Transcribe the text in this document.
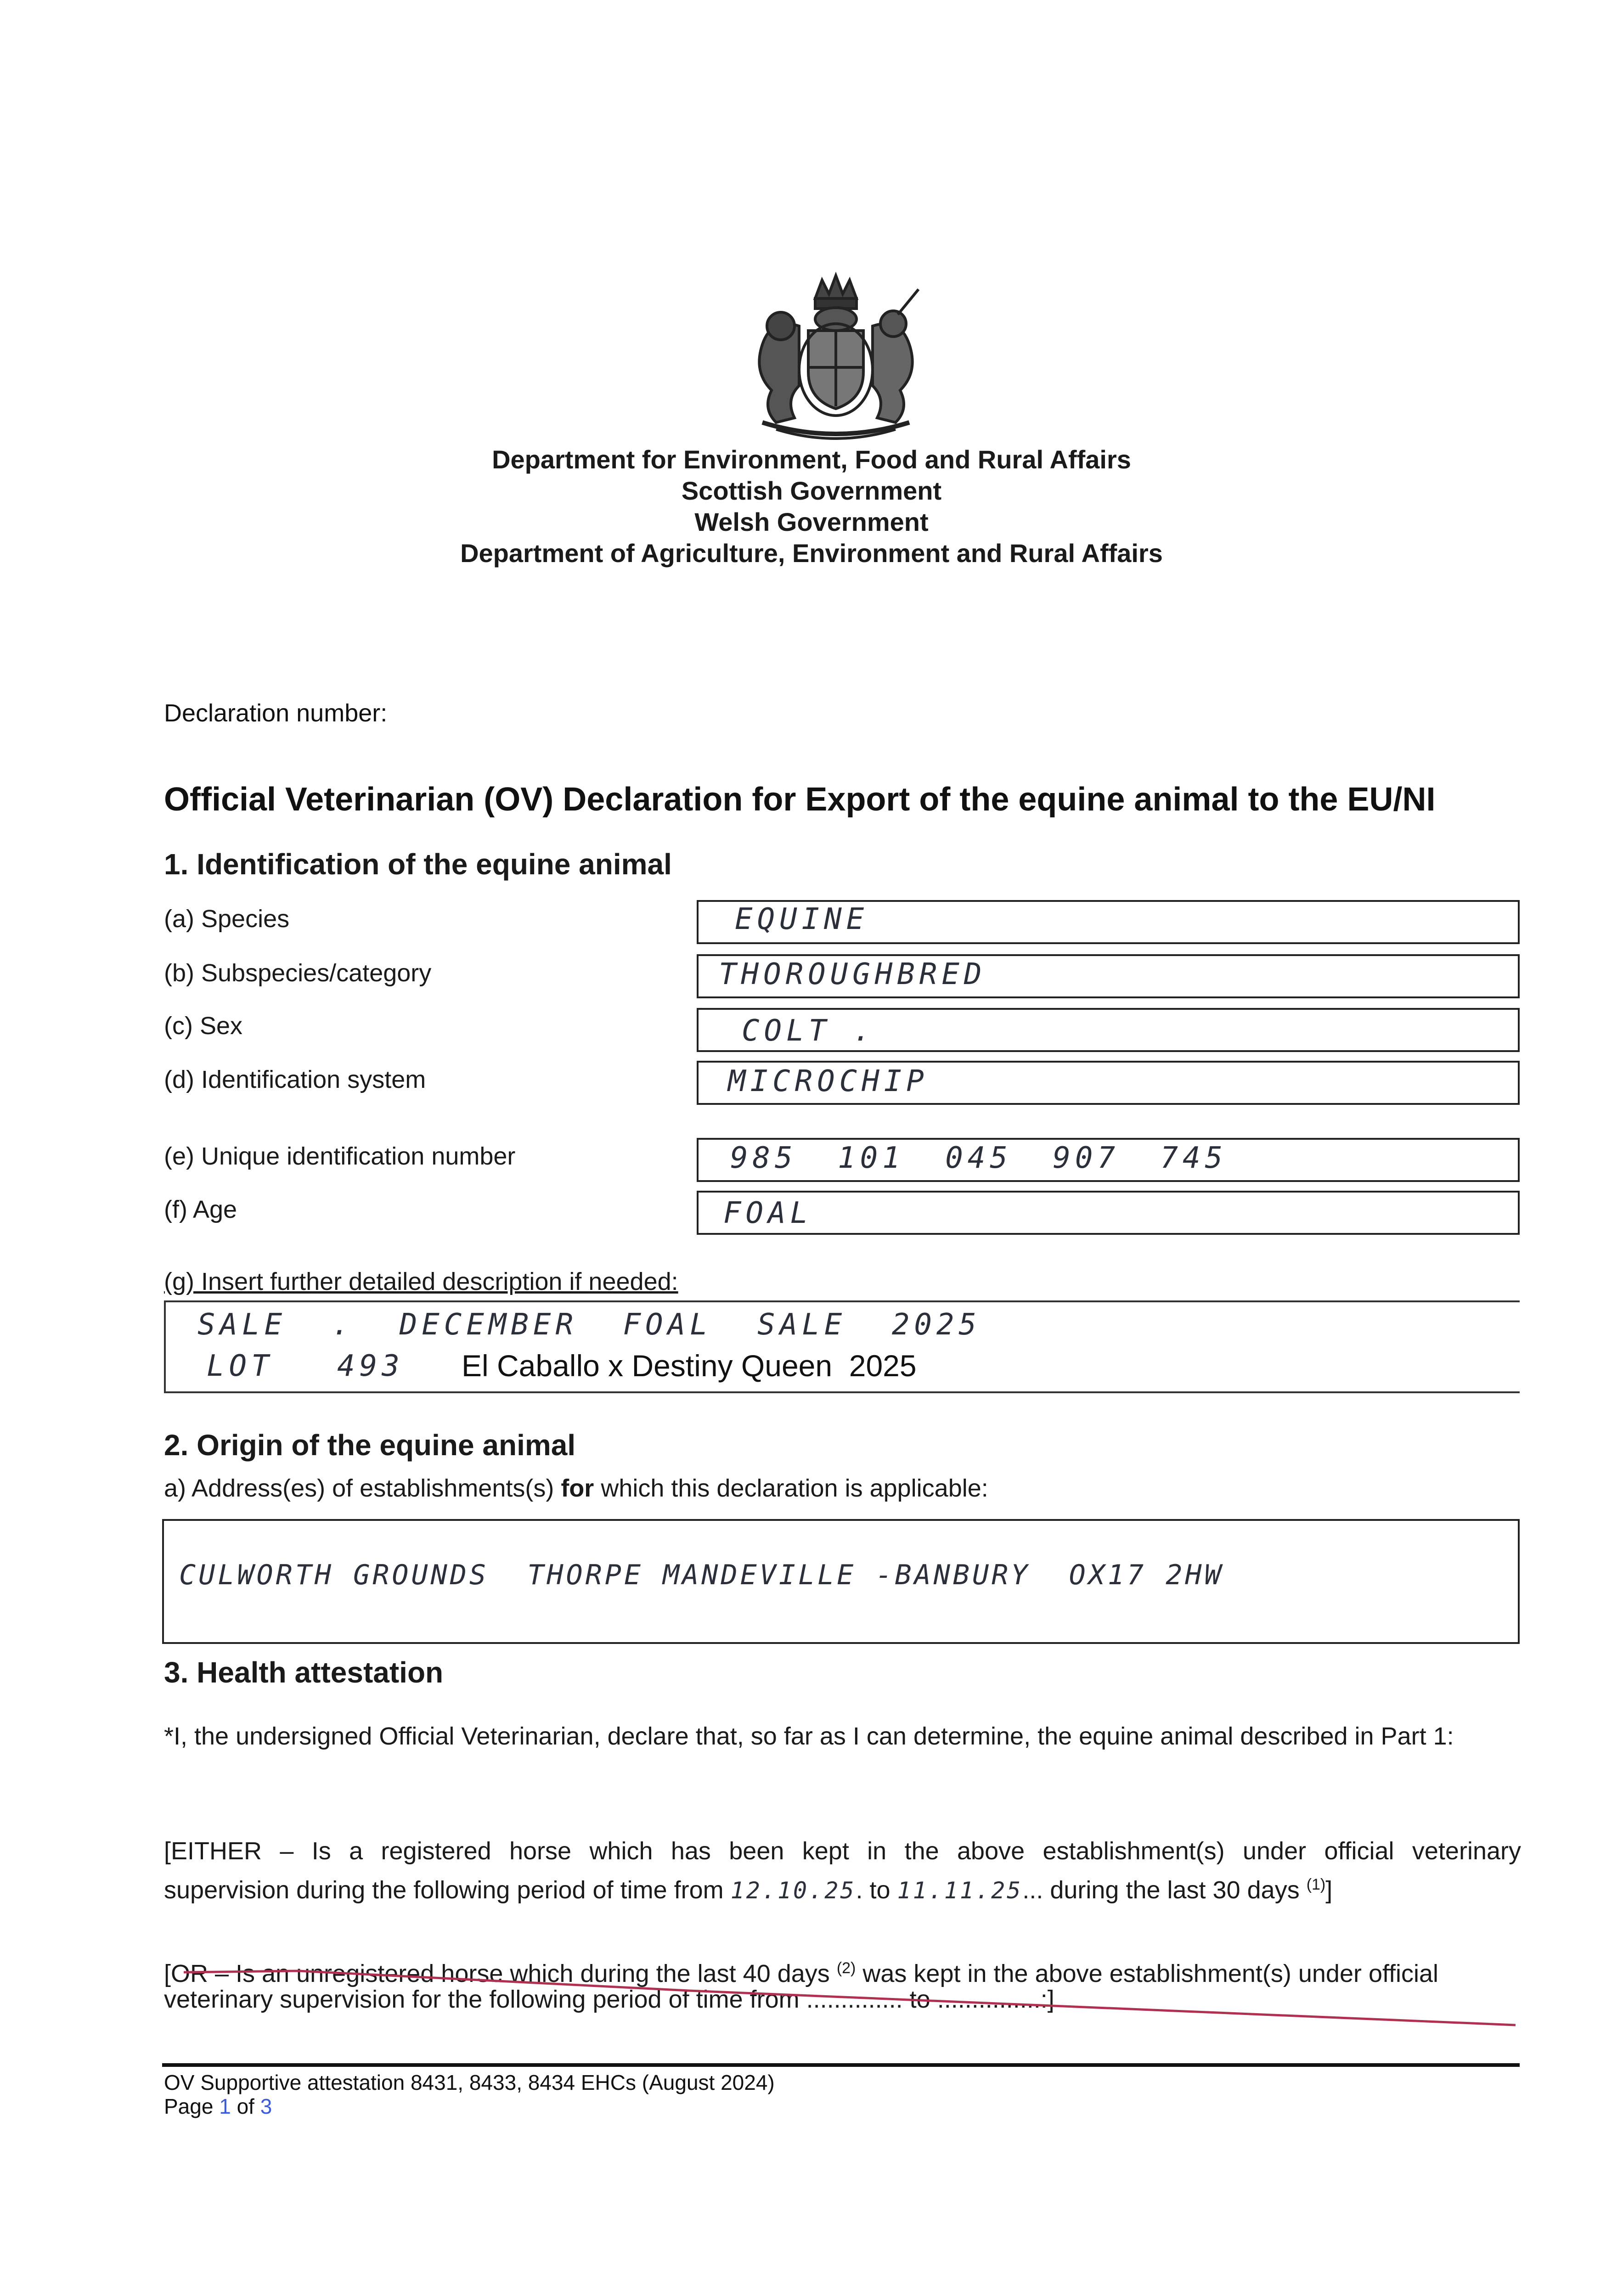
Department for Environment, Food and Rural Affairs
Scottish Government
Welsh Government
Department of Agriculture, Environment and Rural Affairs
Declaration number:
Official Veterinarian (OV) Declaration for Export of the equine animal to the EU/NI
1. Identification of the equine animal
(a) Species	EQUINE
(b) Subspecies/category	THOROUGHBRED
(c) Sex	COLT .
(d) Identification system	MICROCHIP
(e) Unique identification number	985 101 045 907 745
(f) Age	FOAL
(g) Insert further detailed description if needed:
SALE . DECEMBER FOAL SALE 2025
LOT 493 El Caballo x Destiny Queen  2025
2. Origin of the equine animal
a) Address(es) of establishments(s) for which this declaration is applicable:
CULWORTH GROUNDS  THORPE MANDEVILLE -BANBURY  OX17 2HW
3. Health attestation
*I, the undersigned Official Veterinarian, declare that, so far as I can determine, the equine animal described in Part 1:
[EITHER – Is a registered horse which has been kept in the above establishment(s) under official veterinary
supervision during the following period of time from 12.10.25. to 11.11.25... during the last 30 days $^{(1)}$]
[OR – Is an unregistered horse which during the last 40 days $^{(2)}$ was kept in the above establishment(s) under official
veterinary supervision for the following period of time from .............. to ...............:]
OV Supportive attestation 8431, 8433, 8434 EHCs (August 2024)
Page 1 of 3
